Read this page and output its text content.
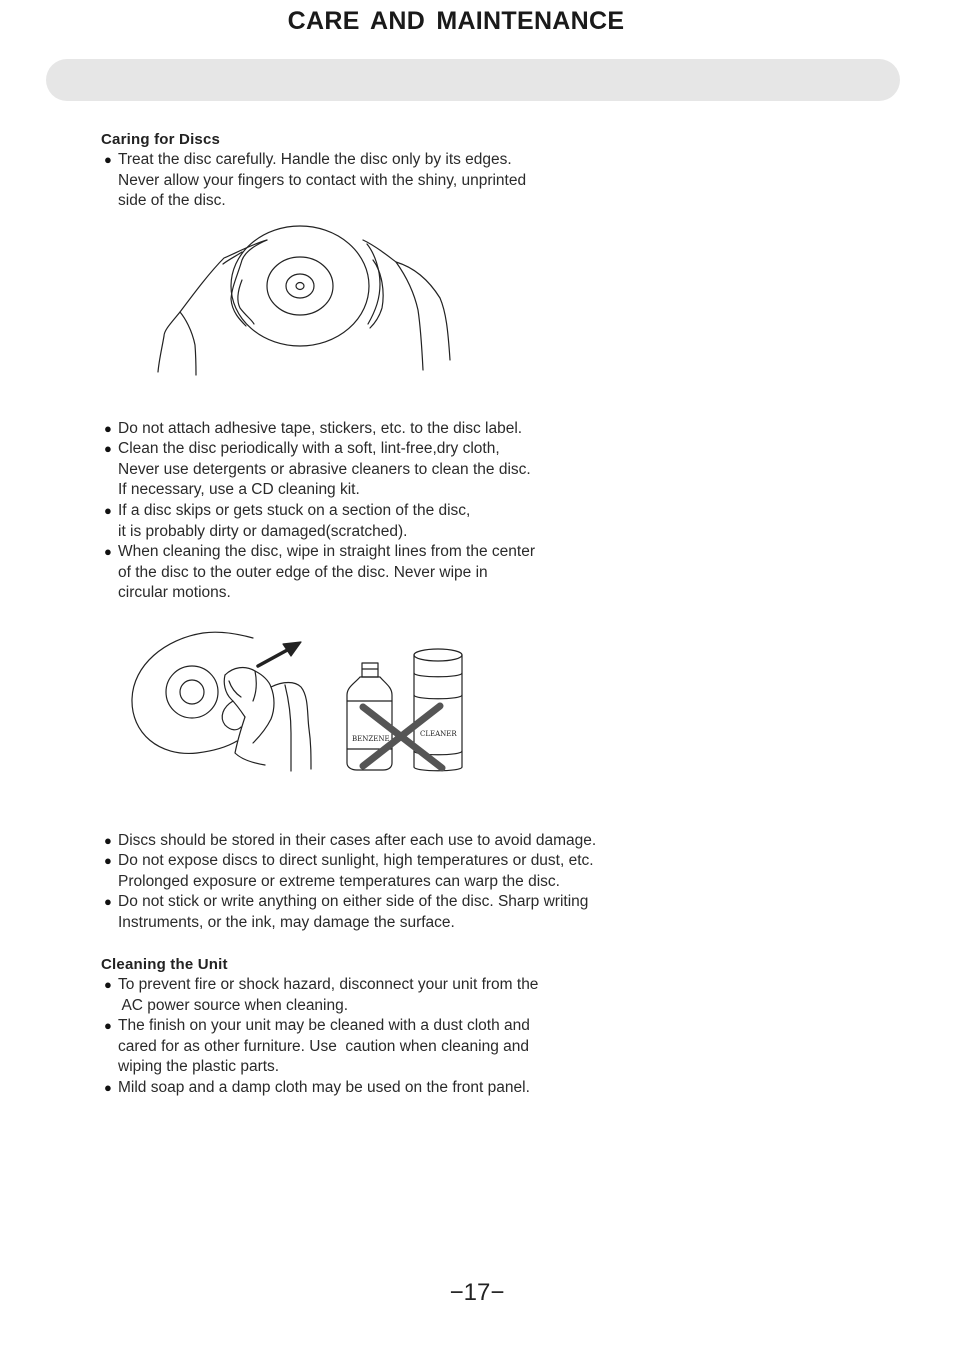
CARE AND MAINTENANCE
Caring for Discs
● Treat the disc carefully. Handle the disc only by its edges.
Never allow your fingers to contact with the shiny, unprinted
side of the disc.
● Do not attach adhesive tape, stickers, etc. to the disc label.
● Clean the disc periodically with a soft, lint-free,dry cloth,
Never use detergents or abrasive cleaners to clean the disc.
If necessary, use a CD cleaning kit.
● If a disc skips or gets stuck on a section of the disc,
it is probably dirty or damaged(scratched).
● When cleaning the disc, wipe in straight lines from the center
of the disc to the outer edge of the disc. Never wipe in
circular motions.
BENZENE
CLEANER
● Discs should be stored in their cases after each use to avoid damage.
● Do not expose discs to direct sunlight, high temperatures or dust, etc.
Prolonged exposure or extreme temperatures can warp the disc.
● Do not stick or write anything on either side of the disc. Sharp writing
Instruments, or the ink, may damage the surface.
Cleaning the Unit
● To prevent fire or shock hazard, disconnect your unit from the
AC power source when cleaning.
● The finish on your unit may be cleaned with a dust cloth and
cared for as other furniture. Use  caution when cleaning and
wiping the plastic parts.
● Mild soap and a damp cloth may be used on the front panel.
−17−
